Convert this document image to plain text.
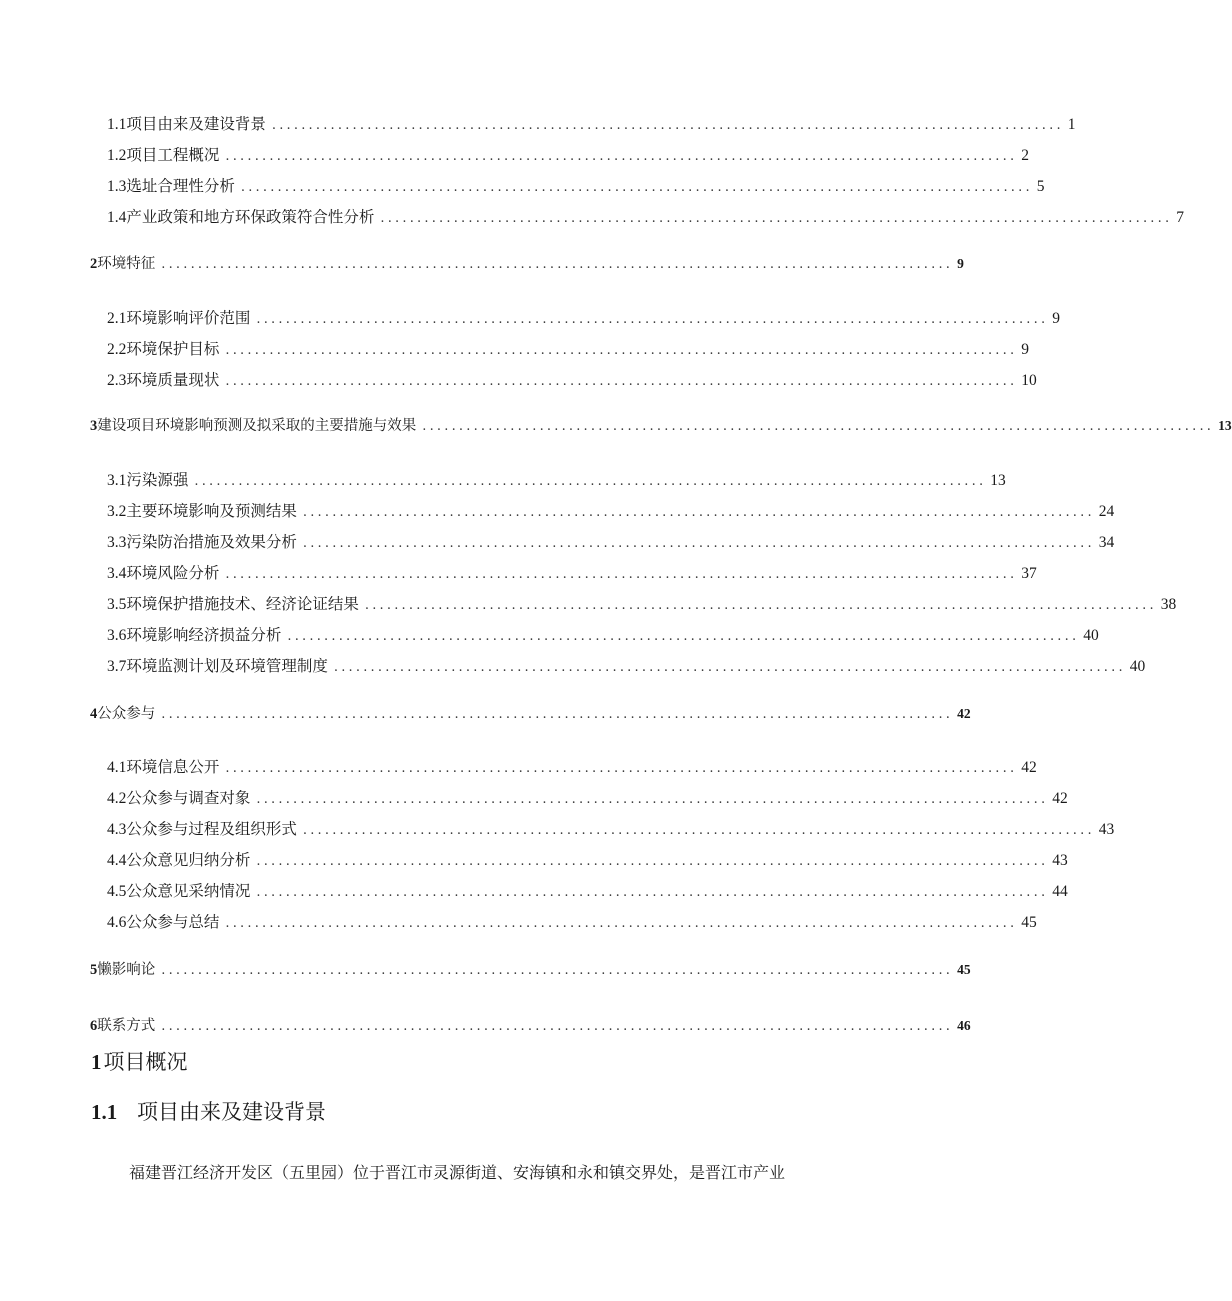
1.1 项目由来及建设背景 ............................................................................................................ 1
1.2 项目工程概况 ............................................................................................................ 2
1.3 选址合理性分析 ............................................................................................................ 5
1.4 产业政策和地方环保政策符合性分析 ............................................................................................................ 7
2 环境特征 ............................................................................................................ 9
2.1 环境影响评价范围 ............................................................................................................ 9
2.2 环境保护目标 ............................................................................................................ 9
2.3 环境质量现状 ............................................................................................................ 10
3 建设项目环境影响预测及拟采取的主要措施与效果 ............................................................................................................ 13
3.1 污染源强 ............................................................................................................ 13
3.2 主要环境影响及预测结果 ............................................................................................................ 24
3.3 污染防治措施及效果分析 ............................................................................................................ 34
3.4 环境风险分析 ............................................................................................................ 37
3.5 环境保护措施技术、经济论证结果 ............................................................................................................ 38
3.6 环境影响经济损益分析 ............................................................................................................ 40
3.7 环境监测计划及环境管理制度 ............................................................................................................ 40
4 公众参与 ............................................................................................................ 42
4.1 环境信息公开 ............................................................................................................ 42
4.2 公众参与调查对象 ............................................................................................................ 42
4.3 公众参与过程及组织形式 ............................................................................................................ 43
4.4 公众意见归纳分析 ............................................................................................................ 43
4.5 公众意见采纳情况 ............................................................................................................ 44
4.6 公众参与总结 ............................................................................................................ 45
5 懒影响论 ............................................................................................................ 45
6 联系方式 ............................................................................................................ 46
1项目概况
1.1 项目由来及建设背景
福建晋江经济开发区（五里园）位于晋江市灵源街道、安海镇和永和镇交界处，是晋江市产业
